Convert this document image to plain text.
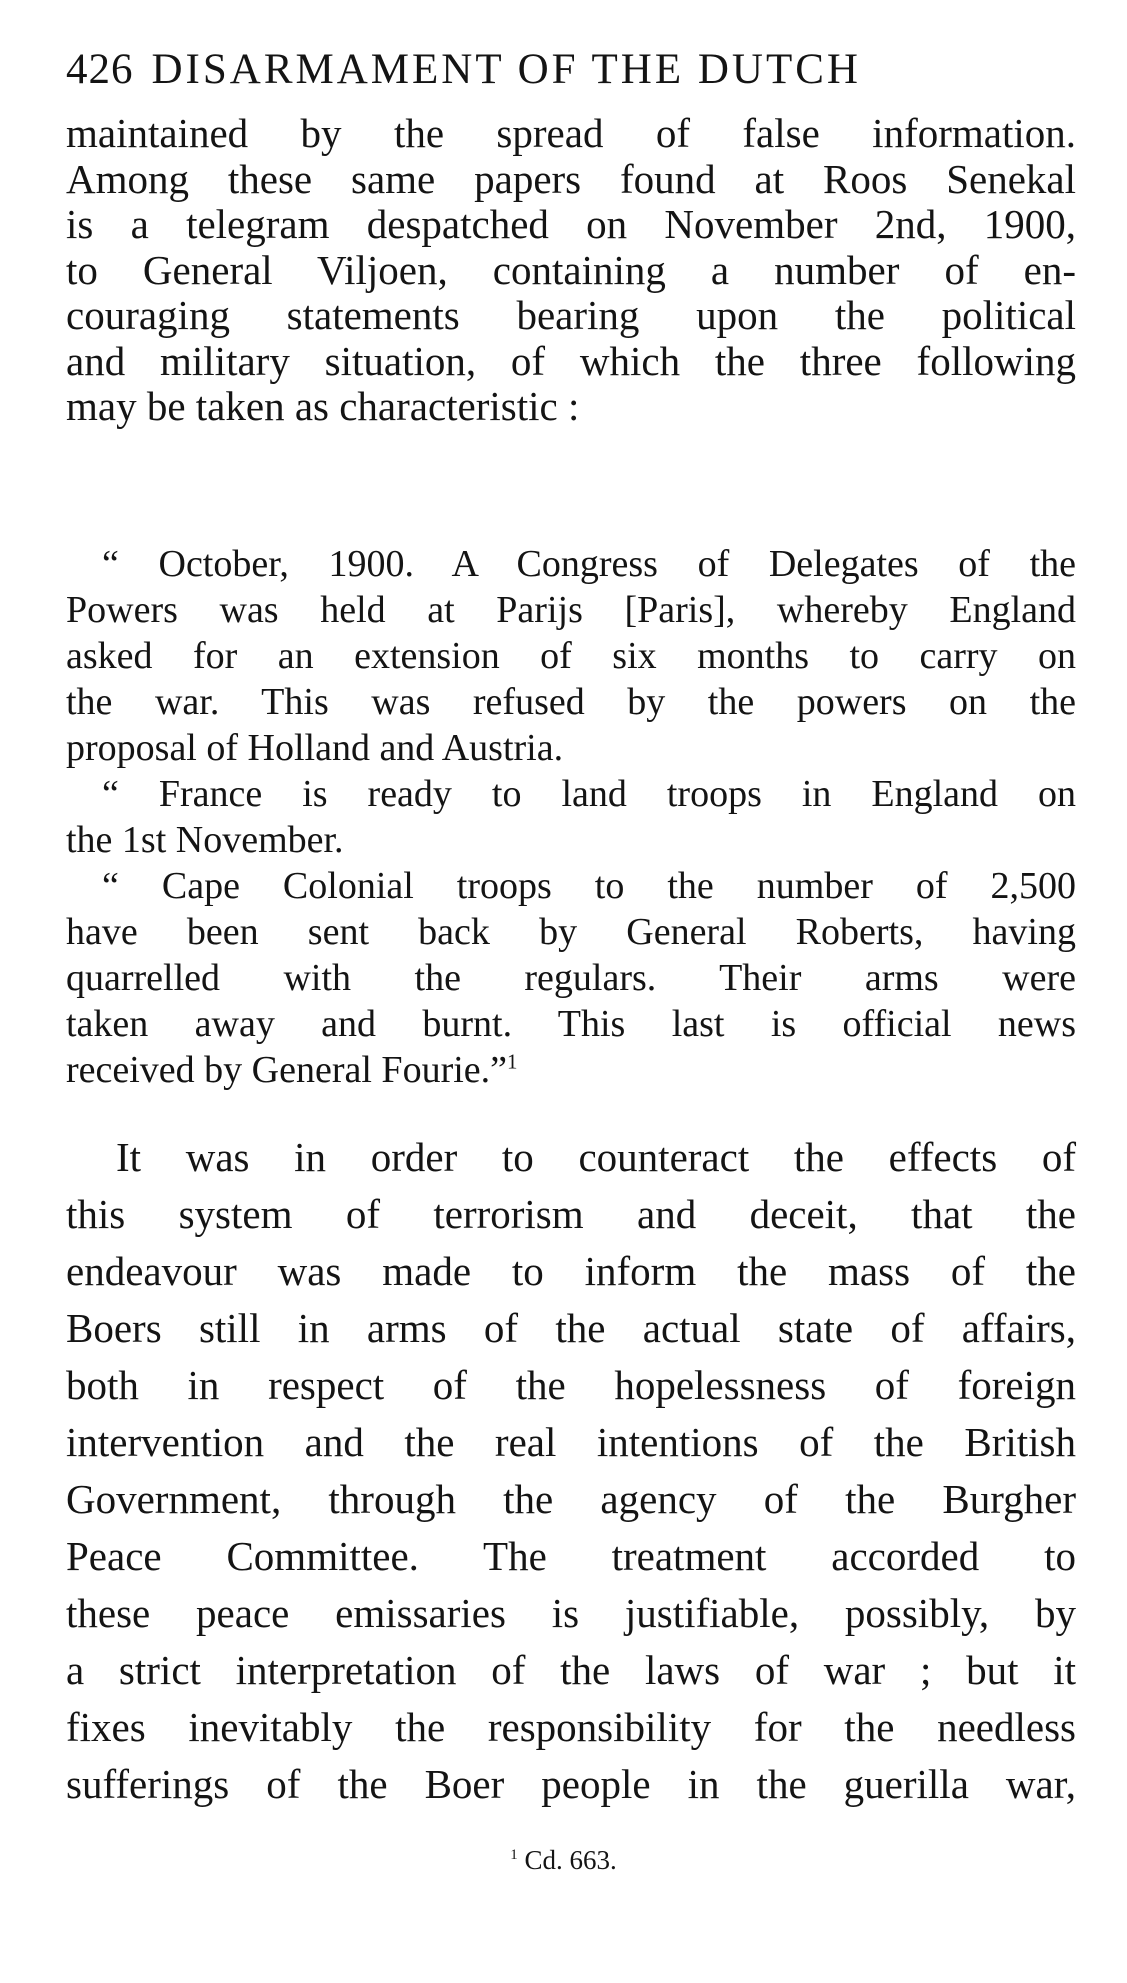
426 DISARMAMENT OF THE DUTCH
maintained by the spread of false information.
Among these same papers found at Roos Senekal
is a telegram despatched on November 2nd, 1900,
to General Viljoen, containing a number of en-
couraging statements bearing upon the political
and military situation, of which the three following
may be taken as characteristic :
“ October, 1900. A Congress of Delegates of the
Powers was held at Parijs [Paris], whereby England
asked for an extension of six months to carry on
the war. This was refused by the powers on the
proposal of Holland and Austria.
“ France is ready to land troops in England on
the 1st November.
“ Cape Colonial troops to the number of 2,500
have been sent back by General Roberts, having
quarrelled with the regulars. Their arms were
taken away and burnt. This last is official news
received by General Fourie.”$^1$
It was in order to counteract the effects of
this system of terrorism and deceit, that the
endeavour was made to inform the mass of the
Boers still in arms of the actual state of affairs,
both in respect of the hopelessness of foreign
intervention and the real intentions of the British
Government, through the agency of the Burgher
Peace Committee. The treatment accorded to
these peace emissaries is justifiable, possibly, by
a strict interpretation of the laws of war ; but it
fixes inevitably the responsibility for the needless
sufferings of the Boer people in the guerilla war,
$^1$ Cd. 663.
